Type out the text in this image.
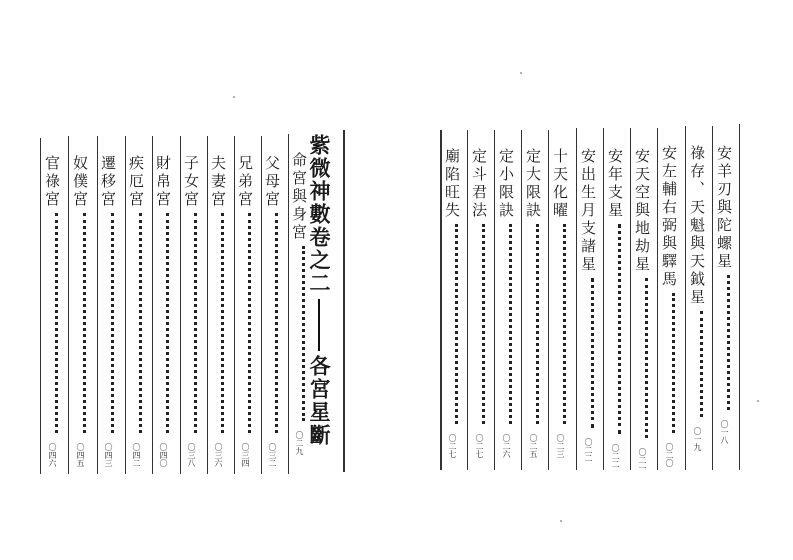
紫微神數卷之二各宮星斷
命宮與身宮〇二九
父母宮〇三二
兄弟宮〇三四
夫妻宮〇三六
子女宮〇三八
財帛宮〇四〇
疾厄宮〇四二
遷移宮〇四三
奴僕宮〇四五
官祿宮〇四六
安羊刃與陀螺星〇一八
祿存、天魁與天鉞星〇一九
安左輔右弼與驛馬〇二〇
安天空與地劫星〇二一
安年支星〇二二
安出生月支諸星〇二二
十天化曜〇二三
定大限訣〇二五
定小限訣〇二六
定斗君法〇二七
廟陷旺失〇二七
